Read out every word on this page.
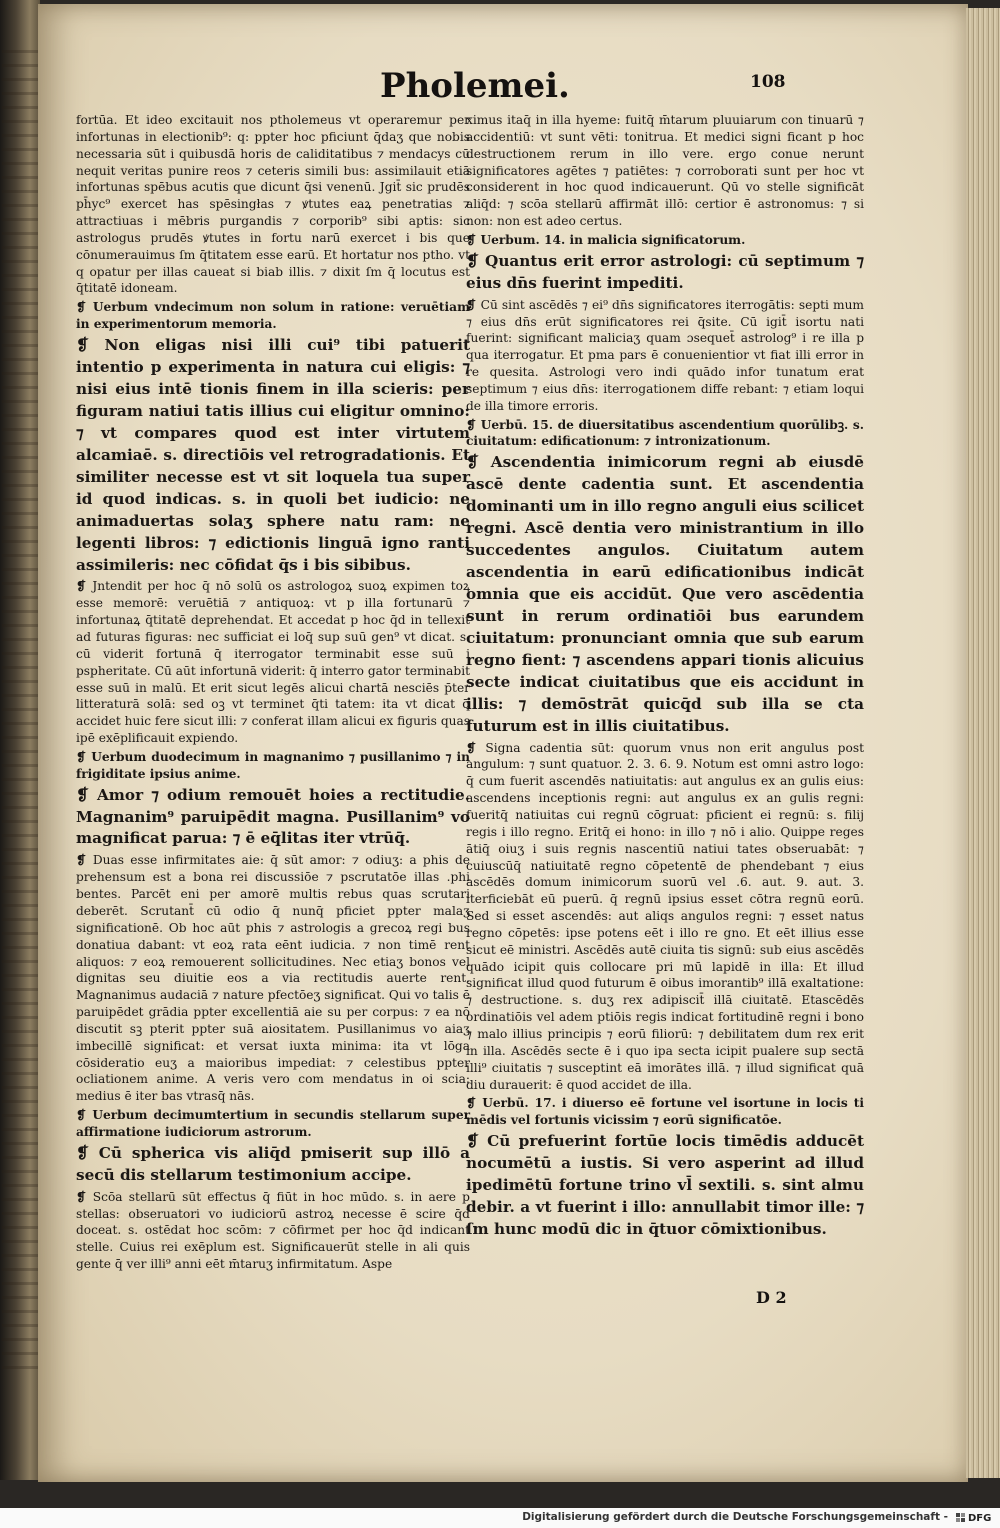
Pholemei.	108

fortūa. Et ideo excitauit nos ptholemeus vt operaremur per infortunas in electionib⁹: q: ppter hoc pficiunt q̄daʒ que nobis necessaria sūt i quibusdā horis de caliditatibus ⁊ mendacys cū nequit veritas punire reos ⁊ ceteris simili bus: assimilauit etiā infortunas spēbus acutis que dicunt q̄si venenū. Jgit̄ sic prudēs ph̄yc⁹ exercet has spēsingłas ⁊ ꝟtutes eaꝝ penetratias ⁊ attractiuas i mēbris purgandis ⁊ corporib⁹ sibi aptis: sic astrologus prudēs ꝟtutes in fortu narū exercet i bis que cōnumerauimus ſm q̄titatem esse earū. Et hortatur nos ptho. vt q opatur per illas caueat si biab illis. ⁊ dixit ſm q̄ locutus est q̄titatē idoneam.

❡ Uerbum vndecimum non solum in ratione: veruētiam in experimentorum memoria.

❡ Non eligas nisi illi cui⁹ tibi patuerit intentio p experimenta in natura cui eligis: ⁊ nisi eius intē tionis finem in illa scieris: per figuram natiui tatis illius cui eligitur omnino: ⁊ vt compares quod est inter virtutem alcamiaē. s. directiōis vel retrogradationis. Et similiter necesse est vt sit loquela tua super id quod indicas. s. in quoli bet iudicio: ne animaduertas solaʒ sphere natu ram: ne legenti libros: ⁊ edictionis linguā igno ranti assimileris: nec cōfidat q̄s i bis sibibus.

❡ Jntendit per hoc q̄ nō solū os astrologoꝝ suoꝝ expimen toꝝ esse memorē: veruētiā ⁊ antiquoꝝ: vt p illa fortunarū ⁊ infortunaꝝ q̄titatē deprehendat. Et accedat p hoc q̄d in tellexit ad futuras figuras: nec sufficiat ei loq̄ sup suū gen⁹ vt dicat. s. cū viderit fortunā q̄ iterrogator terminabit esse suū i pspheritate. Cū aūt infortunā viderit: q̄ interro gator terminabit esse suū in malū. Et erit sicut legēs alicui chartā nesciēs p̄ter litteraturā solā: sed oꝫ vt terminet q̄ti tatem: ita vt dicat q̄ accidet huic fere sicut illi: ⁊ conferat illam alicui ex figuris quas ipē exēplificauit expiendo.

❡ Uerbum duodecimum in magnanimo ⁊ pusillanimo ⁊ in frigiditate ipsius anime.

❡ Amor ⁊ odium remouēt hoies a rectitudie. Magnanim⁹ paruipēdit magna. Pusillanim⁹ vo magnificat parua: ⁊ ē eq̄litas iter vtrūq̄.

❡ Duas esse infirmitates aie: q̄ sūt amor: ⁊ odiuʒ: a phis de prehensum est a bona rei discussiōe ⁊ pscrutatōe illas .phi bentes. Parcēt eni per amorē multis rebus quas scrutari deberēt. Scrutant̄ cū odio q̄ nunq̄ pficiet ppter malaʒ significationē. Ob hoc aūt phis ⁊ astrologis a grecoꝝ regi bus donatiua dabant: vt eoꝝ rata eēnt iudicia. ⁊ non timē rent aliquos: ⁊ eoꝝ remouerent sollicitudines. Nec etiaʒ bonos vel dignitas seu diuitie eos a via rectitudis auerte rent. Magnanimus audaciā ⁊ nature pfectōeʒ significat. Qui vo talis ē paruipēdet grādia ppter excellentiā aie su per corpus: ⁊ ea nō discutit sꝫ pterit ppter suā aiositatem. Pusillanimus vo aiaʒ imbecillē significat: et versat iuxta minima: ita vt lōga cōsideratio euʒ a maioribus impediat: ⁊ celestibus ppter ocliationem anime. A veris vero com mendatus in oi scia: medius ē iter bas vtrasq̄ nās.

❡ Uerbum decimumtertium in secundis stellarum super affirmatione iudiciorum astrorum.

❡ Cū spherica vis aliq̄d pmiserit sup illō a secū dis stellarum testimonium accipe.

❡ Scōa stellarū sūt effectus q̄ fiūt in hoc mūdo. s. in aere p stellas: obseruatori vo iudiciorū astroꝝ necesse ē scire q̄d doceat. s. ostēdat hoc scōm: ⁊ cōfirmet per hoc q̄d indicant stelle. Cuius rei exēplum est. Significauerūt stelle in ali quis gente q̄ ver illi⁹ anni eēt m̄taruʒ infirmitatum. Aspe

ximus itaq̄ in illa hyeme: fuitq̄ m̄tarum pluuiarum con tinuarū ⁊ accidentiū: vt sunt vēti: tonitrua. Et medici signi ficant p hoc destructionem rerum in illo vere. ergo conue nerunt significatores agētes ⁊ patiētes: ⁊ corroborati sunt per hoc vt considerent in hoc quod indicauerunt. Qū vo stelle significāt aliq̄d: ⁊ scōa stellarū affirmāt illō: certior ē astronomus: ⁊ si non: non est adeo certus.

❡ Uerbum. 14. in malicia significatorum.

❡ Quantus erit error astrologi: cū septimum ⁊ eius dn̄s fuerint impediti.

❡ Cū sint ascēdēs ⁊ ei⁹ dn̄s significatores iterrogātis: septi mum ⁊ eius dn̄s erūt significatores rei q̄site. Cū igit̄ isortu nati fuerint: significant maliciaʒ quam ɔsequet̄ astrolog⁹ i re illa p qua iterrogatur. Et pma pars ē conuenientior vt fiat illi error in re quesita. Astrologi vero indi quādo infor tunatum erat septimum ⁊ eius dn̄s: iterrogationem diffe rebant: ⁊ etiam loqui de illa timore erroris.

❡ Uerbū. 15. de diuersitatibus ascendentium quorūlibꝫ. s. ciuitatum: edificationum: ⁊ intronizationum.

❡ Ascendentia inimicorum regni ab eiusdē ascē dente cadentia sunt. Et ascendentia dominanti um in illo regno anguli eius scilicet regni. Ascē dentia vero ministrantium in illo succedentes angulos. Ciuitatum autem ascendentia in earū edificationibus indicāt omnia que eis accidūt. Que vero ascēdentia sunt in rerum ordinatiōi bus earundem ciuitatum: pronunciant omnia que sub earum regno fient: ⁊ ascendens appari tionis alicuius secte indicat ciuitatibus que eis accidunt in illis: ⁊ demōstrāt quicq̄d sub illa se cta futurum est in illis ciuitatibus.

❡ Signa cadentia sūt: quorum vnus non erit angulus post angulum: ⁊ sunt quatuor. 2. 3. 6. 9. Notum est omni astro logo: q̄ cum fuerit ascendēs natiuitatis: aut angulus ex an gulis eius: ascendens inceptionis regni: aut angulus ex an gulis regni: fueritq̄ natiuitas cui regnū cōgruat: pficient ei regnū: s. filij regis i illo regno. Eritq̄ ei hono: in illo ⁊ nō i alio. Quippe reges ātiq̄ oiuʒ i suis regnis nascentiū natiui tates obseruabāt: ⁊ cuiuscūq̄ natiuitatē regno cōpetentē de phendebant ⁊ eius ascēdēs domum inimicorum suorū vel .6. aut. 9. aut. 3. iterficiebāt eū puerū. q̄ regnū ipsius esset cōtra regnū eorū. Sed si esset ascendēs: aut aliqs angulos regni: ⁊ esset natus regno cōpetēs: ipse potens eēt i illo re gno. Et eēt illius esse sicut eē ministri. Ascēdēs autē ciuita tis signū: sub eius ascēdēs quādo icipit quis collocare pri mū lapidē in illa: Et illud significat illud quod futurum ē oibus imorantib⁹ illā exaltatione: ⁊ destructione. s. duʒ rex adipiscit̄ illā ciuitatē. Etascēdēs ordinatiōis vel adem ptiōis regis indicat fortitudinē regni i bono ⁊ malo illius principis ⁊ eorū filiorū: ⁊ debilitatem dum rex erit in illa. Ascēdēs secte ē i quo ipa secta icipit pualere sup sectā illi⁹ ciuitatis ⁊ susceptint eā imorātes illā. ⁊ illud significat quā diu durauerit: ē quod accidet de illa.

❡ Uerbū. 17. i diuerso eē fortune vel isortune in locis ti mēdis vel fortunis vicissim ⁊ eorū significatōe.

❡ Cū prefuerint fortūe locis timēdis adducēt nocumētū a iustis. Si vero asperint ad illud ipedimētū fortune trino vl̄ sextili. s. sint almu debir. a vt fuerint i illo: annullabit timor ille: ⁊ ſm hunc modū dic in q̄tuor cōmixtionibus.

D 2
Digitalisierung gefördert durch die Deutsche Forschungsgemeinschaft - DFG
